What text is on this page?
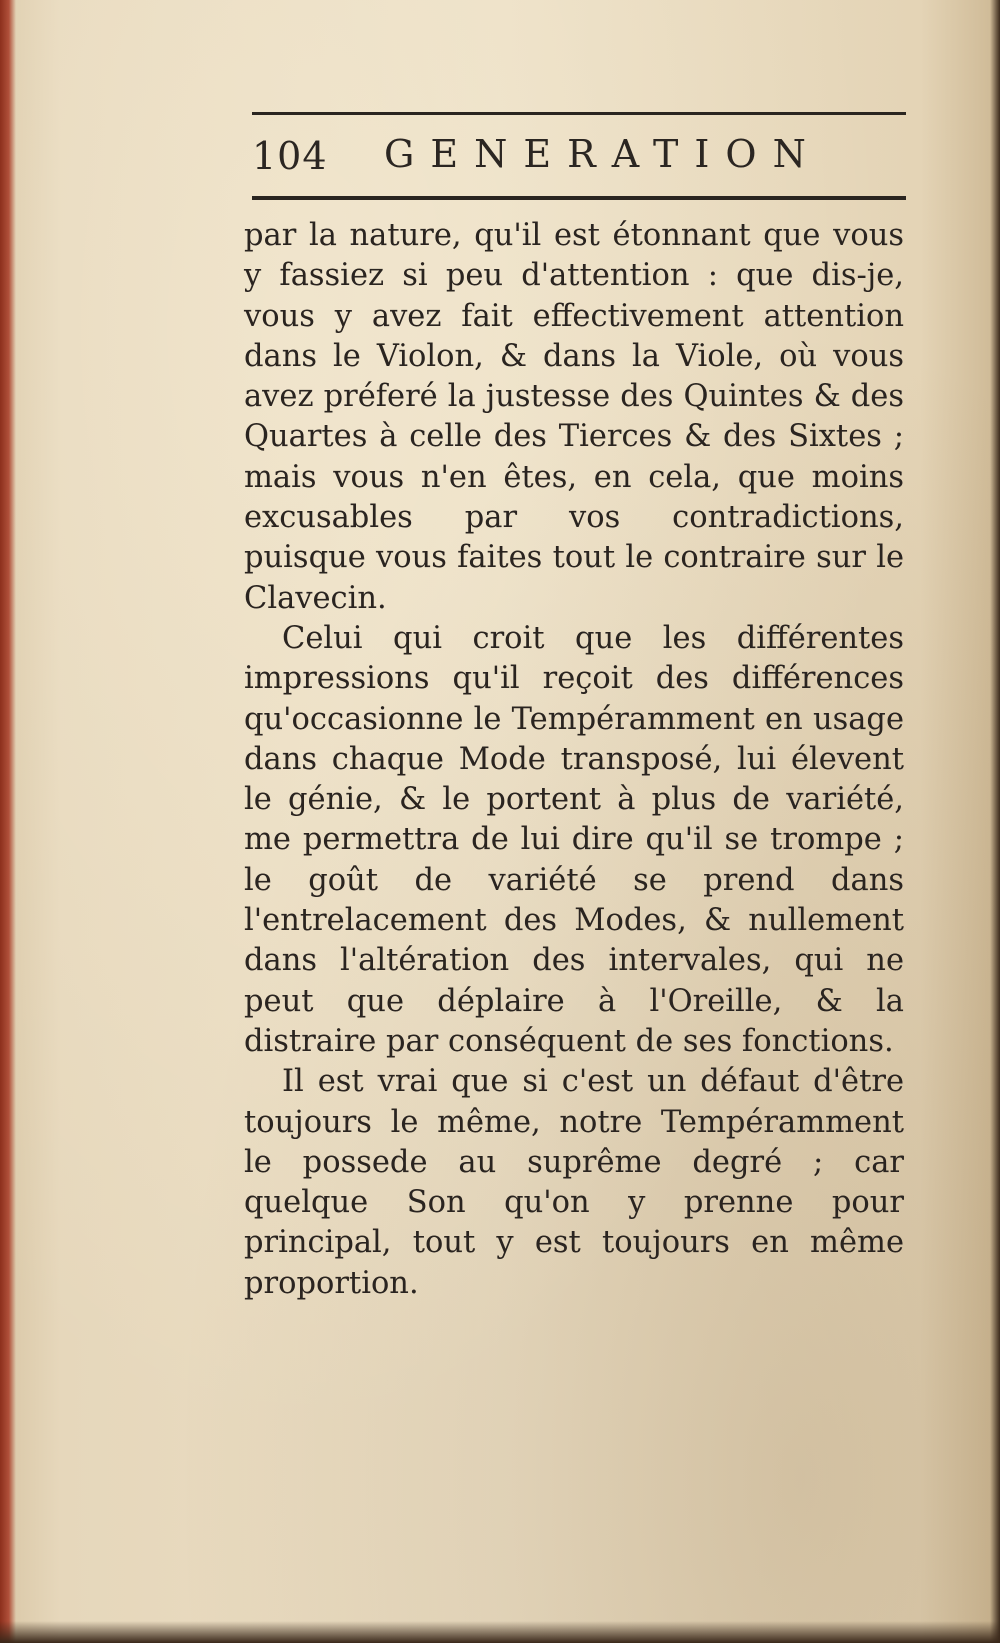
104 GENERATION

par la nature, qu'il est étonnant que vous y fassiez si peu d'attention : que dis-je, vous y avez fait effectivement attention dans le Violon, & dans la Viole, où vous avez préferé la justesse des Quintes & des Quartes à celle des Tierces & des Sixtes ; mais vous n'en êtes, en cela, que moins excusables par vos contradictions, puisque vous faites tout le contraire sur le Clavecin.

Celui qui croit que les différentes impressions qu'il reçoit des différences qu'occasionne le Tempéramment en usage dans chaque Mode transposé, lui élevent le génie, & le portent à plus de variété, me permettra de lui dire qu'il se trompe ; le goût de variété se prend dans l'entrelacement des Modes, & nullement dans l'altération des intervales, qui ne peut que déplaire à l'Oreille, & la distraire par conséquent de ses fonctions.

Il est vrai que si c'est un défaut d'être toujours le même, notre Tempéramment le possede au suprême degré ; car quelque Son qu'on y prenne pour principal, tout y est toujours en même proportion.
